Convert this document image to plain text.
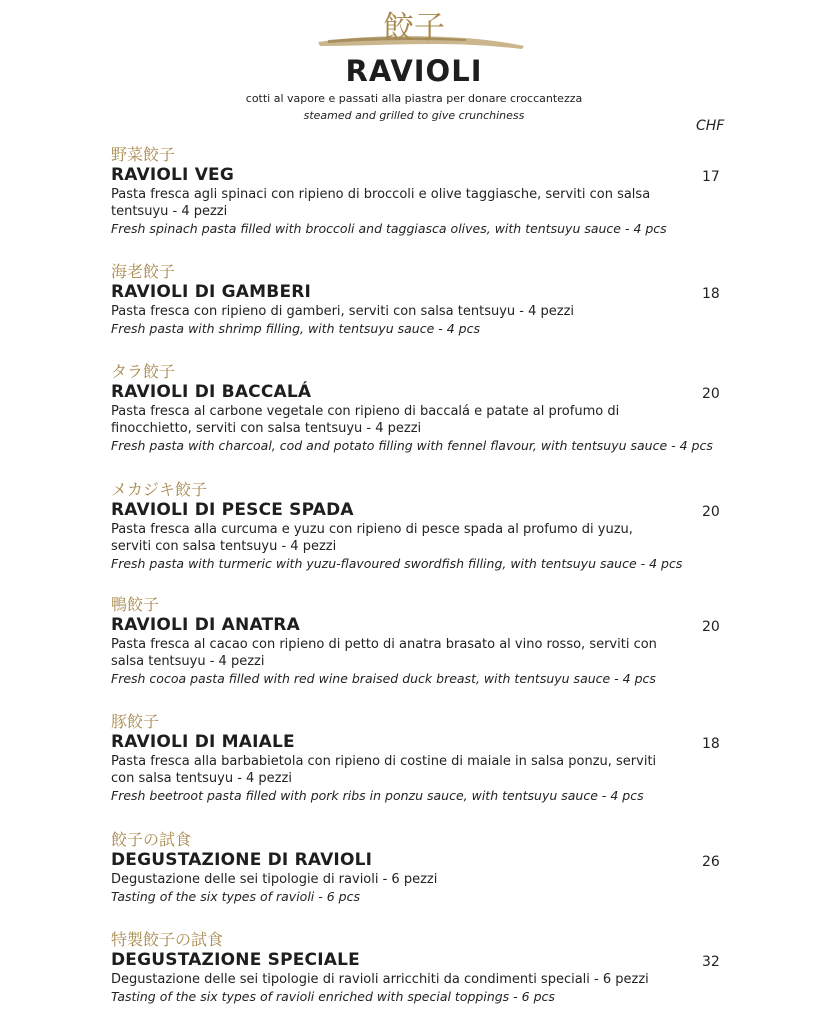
餃子
RAVIOLI
cotti al vapore e passati alla piastra per donare croccantezza
steamed and grilled to give crunchiness
CHF
野菜餃子
RAVIOLI VEG
Pasta fresca agli spinaci con ripieno di broccoli e olive taggiasche, serviti con salsa tentsuyu - 4 pezzi
Fresh spinach pasta filled with broccoli and taggiasca olives, with tentsuyu sauce - 4 pcs
17
海老餃子
RAVIOLI DI GAMBERI
Pasta fresca con ripieno di gamberi, serviti con salsa tentsuyu - 4 pezzi
Fresh pasta with shrimp filling, with tentsuyu sauce - 4 pcs
18
タラ餃子
RAVIOLI DI BACCALÁ
Pasta fresca al carbone vegetale con ripieno di baccalá e patate al profumo di finocchietto, serviti con salsa tentsuyu - 4 pezzi
Fresh pasta with charcoal, cod and potato filling with fennel flavour, with tentsuyu sauce - 4 pcs
20
メカジキ餃子
RAVIOLI DI PESCE SPADA
Pasta fresca alla curcuma e yuzu con ripieno di pesce spada al profumo di yuzu, serviti con salsa tentsuyu - 4 pezzi
Fresh pasta with turmeric with yuzu-flavoured swordfish filling, with tentsuyu sauce - 4 pcs
20
鴨餃子
RAVIOLI DI ANATRA
Pasta fresca al cacao con ripieno di petto di anatra brasato al vino rosso, serviti con salsa tentsuyu - 4 pezzi
Fresh cocoa pasta filled with red wine braised duck breast, with tentsuyu sauce - 4 pcs
20
豚餃子
RAVIOLI DI MAIALE
Pasta fresca alla barbabietola con ripieno di costine di maiale in salsa ponzu, serviti con salsa tentsuyu - 4 pezzi
Fresh beetroot pasta filled with pork ribs in ponzu sauce, with tentsuyu sauce - 4 pcs
18
餃子の試食
DEGUSTAZIONE DI RAVIOLI
Degustazione delle sei tipologie di ravioli - 6 pezzi
Tasting of the six types of ravioli - 6 pcs
26
特製餃子の試食
DEGUSTAZIONE SPECIALE
Degustazione delle sei tipologie di ravioli arricchiti da condimenti speciali - 6 pezzi
Tasting of the six types of ravioli enriched with special toppings - 6 pcs
32
